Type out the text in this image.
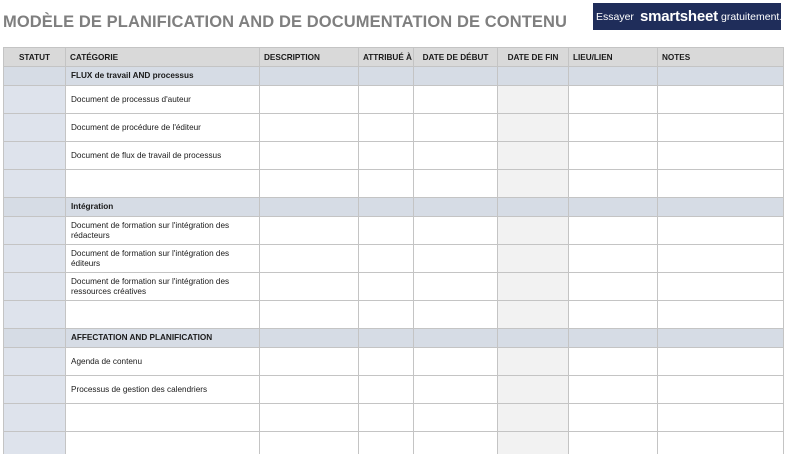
MODÈLE DE PLANIFICATION AND DE DOCUMENTATION DE CONTENU	Essayer smartsheet gratuitement.
STATUT	CATÉGORIE	DESCRIPTION	ATTRIBUÉ À	DATE DE DÉBUT	DATE DE FIN	LIEU/LIEN	NOTES
	FLUX de travail AND processus						
	Document de processus d'auteur						
	Document de procédure de l'éditeur						
	Document de flux de travail de processus						

	Intégration						
	Document de formation sur l'intégration des rédacteurs						
	Document de formation sur l'intégration des éditeurs						
	Document de formation sur l'intégration des ressources créatives						

	AFFECTATION AND PLANIFICATION						
	Agenda de contenu						
	Processus de gestion des calendriers						
